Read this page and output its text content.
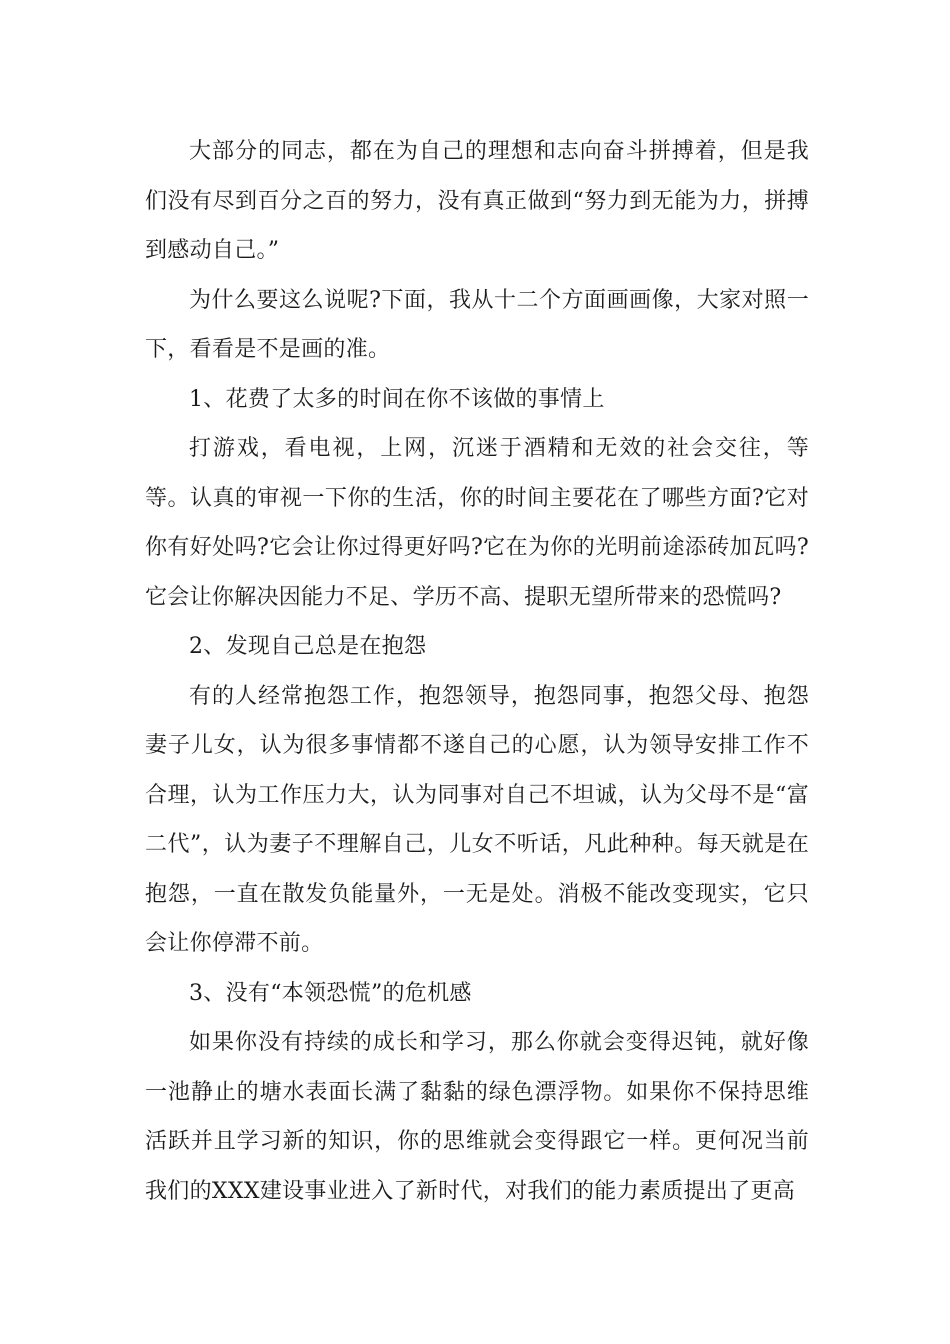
大部分的同志，都在为自己的理想和志向奋斗拼搏着，但是我们没有尽到百分之百的努力，没有真正做到“努力到无能为力，拼搏到感动自己。”

为什么要这么说呢?下面，我从十二个方面画画像，大家对照一下，看看是不是画的准。

1、花费了太多的时间在你不该做的事情上

打游戏，看电视，上网，沉迷于酒精和无效的社会交往，等等。认真的审视一下你的生活，你的时间主要花在了哪些方面?它对你有好处吗?它会让你过得更好吗?它在为你的光明前途添砖加瓦吗?它会让你解决因能力不足、学历不高、提职无望所带来的恐慌吗?

2、发现自己总是在抱怨

有的人经常抱怨工作，抱怨领导，抱怨同事，抱怨父母、抱怨妻子儿女，认为很多事情都不遂自己的心愿，认为领导安排工作不合理，认为工作压力大，认为同事对自己不坦诚，认为父母不是“富二代”，认为妻子不理解自己，儿女不听话，凡此种种。每天就是在抱怨，一直在散发负能量外，一无是处。消极不能改变现实，它只会让你停滞不前。

3、没有“本领恐慌”的危机感

如果你没有持续的成长和学习，那么你就会变得迟钝，就好像一池静止的塘水表面长满了黏黏的绿色漂浮物。如果你不保持思维活跃并且学习新的知识，你的思维就会变得跟它一样。更何况当前我们的XXX建设事业进入了新时代，对我们的能力素质提出了更高
